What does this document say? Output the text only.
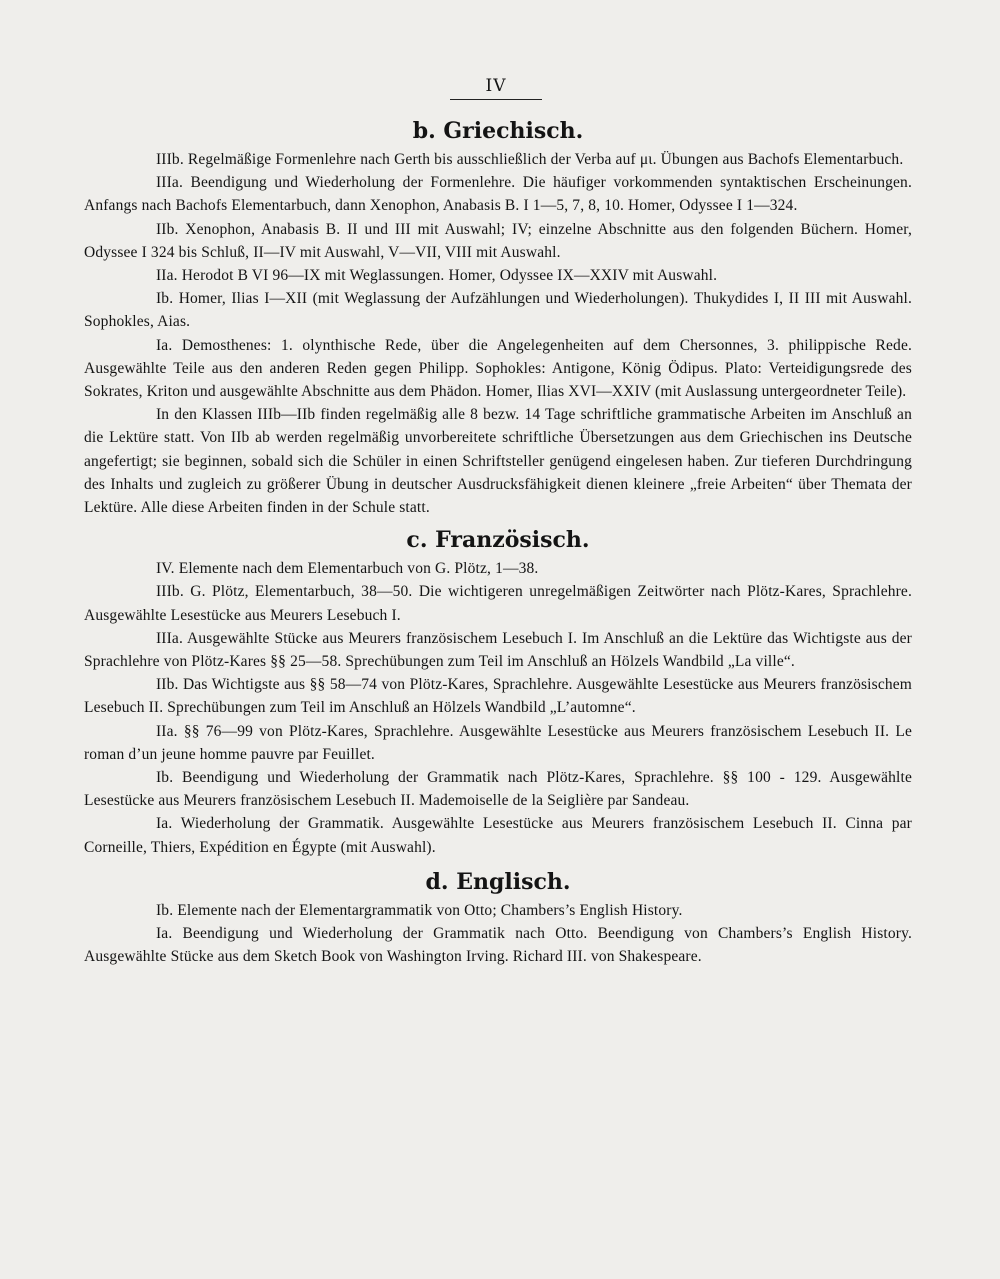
IV
b. Griechisch.

IIIb. Regelmäßige Formenlehre nach Gerth bis ausschließlich der Verba auf μι. Übungen aus Bachofs Elementarbuch.

IIIa. Beendigung und Wiederholung der Formenlehre. Die häufiger vorkommenden syntaktischen Erscheinungen. Anfangs nach Bachofs Elementarbuch, dann Xenophon, Anabasis B. I 1—5, 7, 8, 10. Homer, Odyssee I 1—324.

IIb. Xenophon, Anabasis B. II und III mit Auswahl; IV; einzelne Abschnitte aus den folgenden Büchern. Homer, Odyssee I 324 bis Schluß, II—IV mit Auswahl, V—VII, VIII mit Auswahl.

IIa. Herodot B VI 96—IX mit Weglassungen. Homer, Odyssee IX—XXIV mit Auswahl.

Ib. Homer, Ilias I—XII (mit Weglassung der Aufzählungen und Wiederholungen). Thukydides I, II III mit Auswahl. Sophokles, Aias.

Ia. Demosthenes: 1. olynthische Rede, über die Angelegenheiten auf dem Chersonnes, 3. philippische Rede. Ausgewählte Teile aus den anderen Reden gegen Philipp. Sophokles: Antigone, König Ödipus. Plato: Verteidigungsrede des Sokrates, Kriton und ausgewählte Abschnitte aus dem Phädon. Homer, Ilias XVI—XXIV (mit Auslassung untergeordneter Teile).

In den Klassen IIIb—IIb finden regelmäßig alle 8 bezw. 14 Tage schriftliche grammatische Arbeiten im Anschluß an die Lektüre statt. Von IIb ab werden regelmäßig unvorbereitete schriftliche Übersetzungen aus dem Griechischen ins Deutsche angefertigt; sie beginnen, sobald sich die Schüler in einen Schriftsteller genügend eingelesen haben. Zur tieferen Durchdringung des Inhalts und zugleich zu größerer Übung in deutscher Ausdrucksfähigkeit dienen kleinere „freie Arbeiten“ über Themata der Lektüre. Alle diese Arbeiten finden in der Schule statt.

c. Französisch.

IV. Elemente nach dem Elementarbuch von G. Plötz, 1—38.

IIIb. G. Plötz, Elementarbuch, 38—50. Die wichtigeren unregelmäßigen Zeitwörter nach Plötz-Kares, Sprachlehre. Ausgewählte Lesestücke aus Meurers Lesebuch I.

IIIa. Ausgewählte Stücke aus Meurers französischem Lesebuch I. Im Anschluß an die Lektüre das Wichtigste aus der Sprachlehre von Plötz-Kares §§ 25—58. Sprechübungen zum Teil im Anschluß an Hölzels Wandbild „La ville“.

IIb. Das Wichtigste aus §§ 58—74 von Plötz-Kares, Sprachlehre. Ausgewählte Lesestücke aus Meurers französischem Lesebuch II. Sprechübungen zum Teil im Anschluß an Hölzels Wandbild „L’automne“.

IIa. §§ 76—99 von Plötz-Kares, Sprachlehre. Ausgewählte Lesestücke aus Meurers französischem Lesebuch II. Le roman d’un jeune homme pauvre par Feuillet.

Ib. Beendigung und Wiederholung der Grammatik nach Plötz-Kares, Sprachlehre. §§ 100 - 129. Ausgewählte Lesestücke aus Meurers französischem Lesebuch II. Mademoiselle de la Seiglière par Sandeau.

Ia. Wiederholung der Grammatik. Ausgewählte Lesestücke aus Meurers französischem Lesebuch II. Cinna par Corneille, Thiers, Expédition en Égypte (mit Auswahl).

d. Englisch.

Ib. Elemente nach der Elementargrammatik von Otto; Chambers’s English History.

Ia. Beendigung und Wiederholung der Grammatik nach Otto. Beendigung von Chambers’s English History. Ausgewählte Stücke aus dem Sketch Book von Washington Irving. Richard III. von Shakespeare.
